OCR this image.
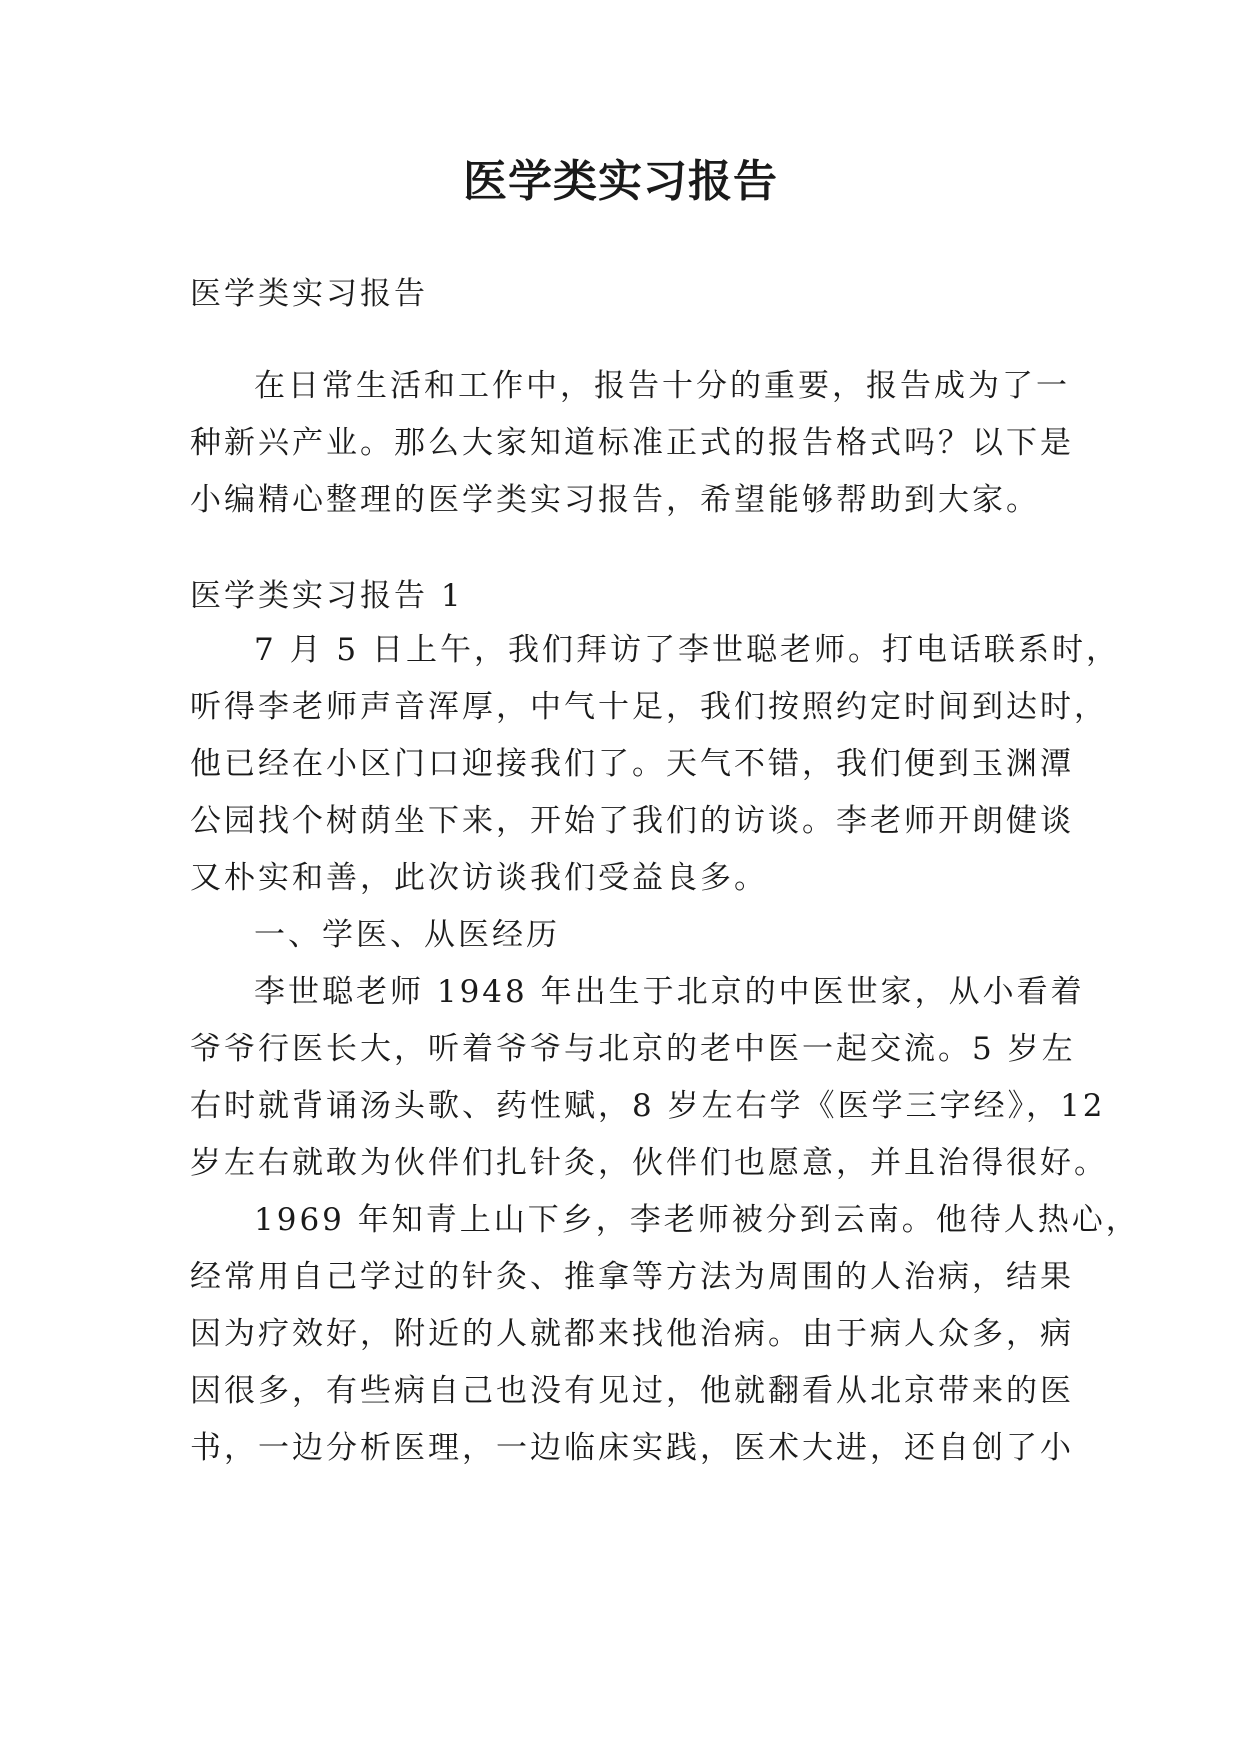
医学类实习报告

医学类实习报告

在日常生活和工作中，报告十分的重要，报告成为了一
种新兴产业。那么大家知道标准正式的报告格式吗？以下是
小编精心整理的医学类实习报告，希望能够帮助到大家。

医学类实习报告 1

7 月 5 日上午，我们拜访了李世聪老师。打电话联系时，
听得李老师声音浑厚，中气十足，我们按照约定时间到达时，
他已经在小区门口迎接我们了。天气不错，我们便到玉渊潭
公园找个树荫坐下来，开始了我们的访谈。李老师开朗健谈
又朴实和善，此次访谈我们受益良多。

一、学医、从医经历

李世聪老师 1948 年出生于北京的中医世家，从小看着
爷爷行医长大，听着爷爷与北京的老中医一起交流。5 岁左
右时就背诵汤头歌、药性赋，8 岁左右学《医学三字经》，12
岁左右就敢为伙伴们扎针灸，伙伴们也愿意，并且治得很好。

1969 年知青上山下乡，李老师被分到云南。他待人热心，
经常用自己学过的针灸、推拿等方法为周围的人治病，结果
因为疗效好，附近的人就都来找他治病。由于病人众多，病
因很多，有些病自己也没有见过，他就翻看从北京带来的医
书，一边分析医理，一边临床实践，医术大进，还自创了小
